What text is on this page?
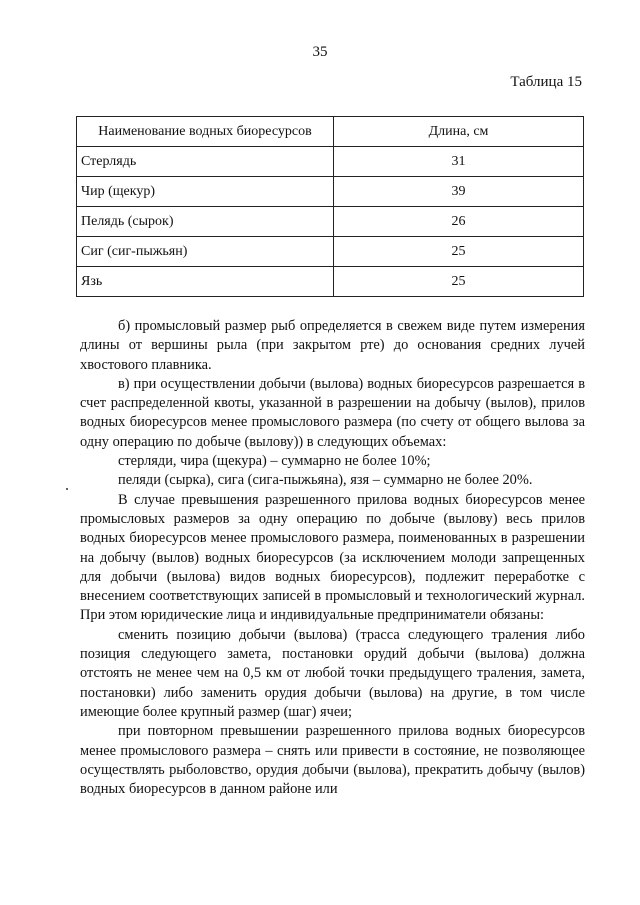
35
Таблица 15
Наименование водных биоресурсов	Длина, см
Стерлядь	31
Чир (щекур)	39
Пелядь (сырок)	26
Сиг (сиг-пыжьян)	25
Язь	25

б) промысловый размер рыб определяется в свежем виде путем измерения длины от вершины рыла (при закрытом рте) до основания средних лучей хвостового плавника.

в) при осуществлении добычи (вылова) водных биоресурсов разрешается в счет распределенной квоты, указанной в разрешении на добычу (вылов), прилов водных биоресурсов менее промыслового размера (по счету от общего вылова за одну операцию по добыче (вылову)) в следующих объемах:

стерляди, чира (щекура) – суммарно не более 10%;

пеляди (сырка), сига (сига-пыжьяна), язя – суммарно не более 20%.

В случае превышения разрешенного прилова водных биоресурсов менее промысловых размеров за одну операцию по добыче (вылову) весь прилов водных биоресурсов менее промыслового размера, поименованных в разрешении на добычу (вылов) водных биоресурсов (за исключением молоди запрещенных для добычи (вылова) видов водных биоресурсов), подлежит переработке с внесением соответствующих записей в промысловый и технологический журнал. При этом юридические лица и индивидуальные предприниматели обязаны:

сменить позицию добычи (вылова) (трасса следующего траления либо позиция следующего замета, постановки орудий добычи (вылова) должна отстоять не менее чем на 0,5 км от любой точки предыдущего траления, замета, постановки) либо заменить орудия добычи (вылова) на другие, в том числе имеющие более крупный размер (шаг) ячеи;

при повторном превышении разрешенного прилова водных биоресурсов менее промыслового размера – снять или привести в состояние, не позволяющее осуществлять рыболовство, орудия добычи (вылова), прекратить добычу (вылов) водных биоресурсов в данном районе или
